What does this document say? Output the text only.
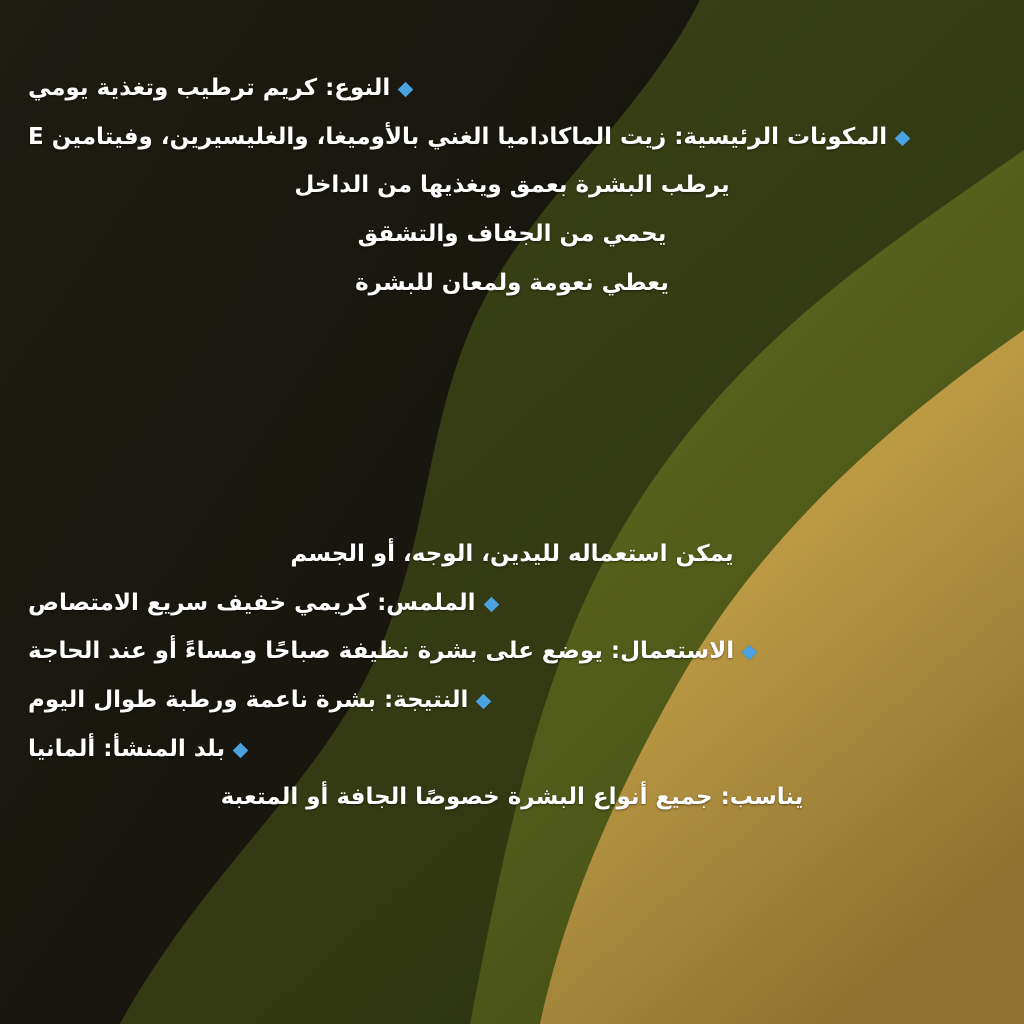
النوع: كريم ترطيب وتغذية يومي
المكونات الرئيسية: زيت الماكاداميا الغني بالأوميغا، والغليسيرين، وفيتامين E
يرطب البشرة بعمق ويغذيها من الداخل
يحمي من الجفاف والتشقق
يعطي نعومة ولمعان للبشرة
يمكن استعماله لليدين، الوجه، أو الجسم
الملمس: كريمي خفيف سريع الامتصاص
الاستعمال: يوضع على بشرة نظيفة صباحًا ومساءً أو عند الحاجة
النتيجة: بشرة ناعمة ورطبة طوال اليوم
بلد المنشأ: ألمانيا
يناسب: جميع أنواع البشرة خصوصًا الجافة أو المتعبة
